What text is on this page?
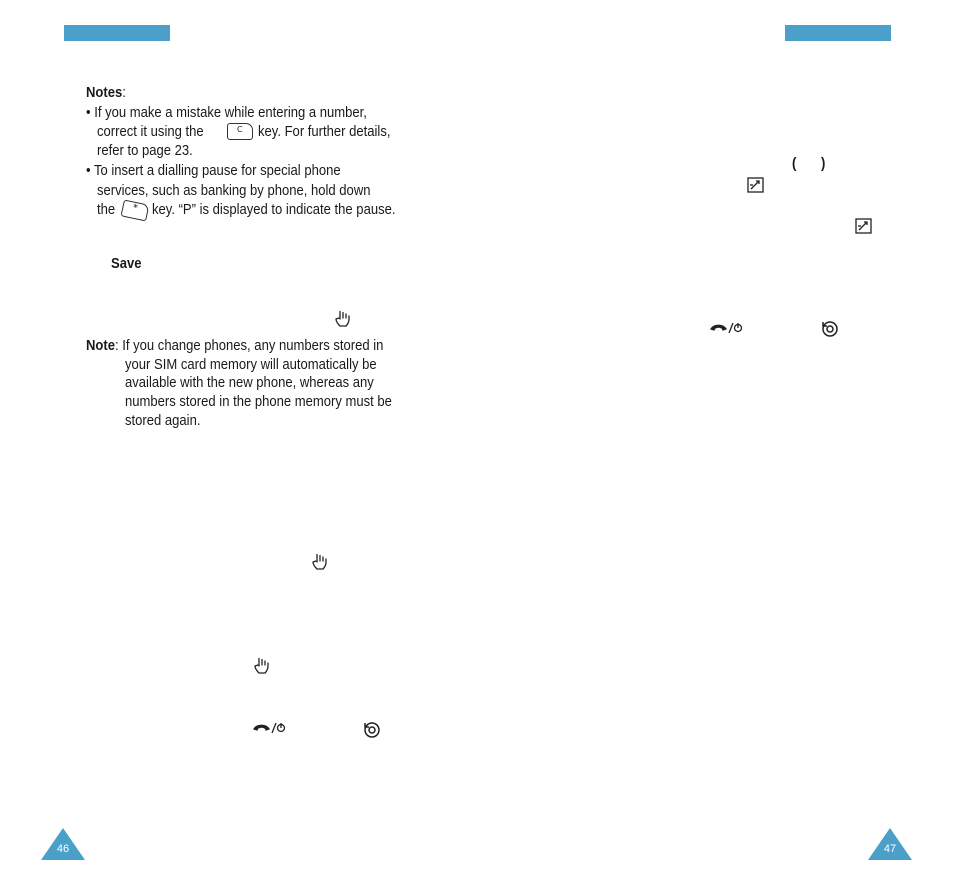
Notes:
• If you make a mistake while entering a number,
correct it using the	C key. For further details,
refer to page 23.
• To insert a dialling pause for special phone
services, such as banking by phone, hold down
the * key. “P” is displayed to indicate the pause.
Save
Note: If you change phones, any numbers stored in
your SIM card memory will automatically be
available with the new phone, whereas any
numbers stored in the phone memory must be
stored again.
( )
46	47
